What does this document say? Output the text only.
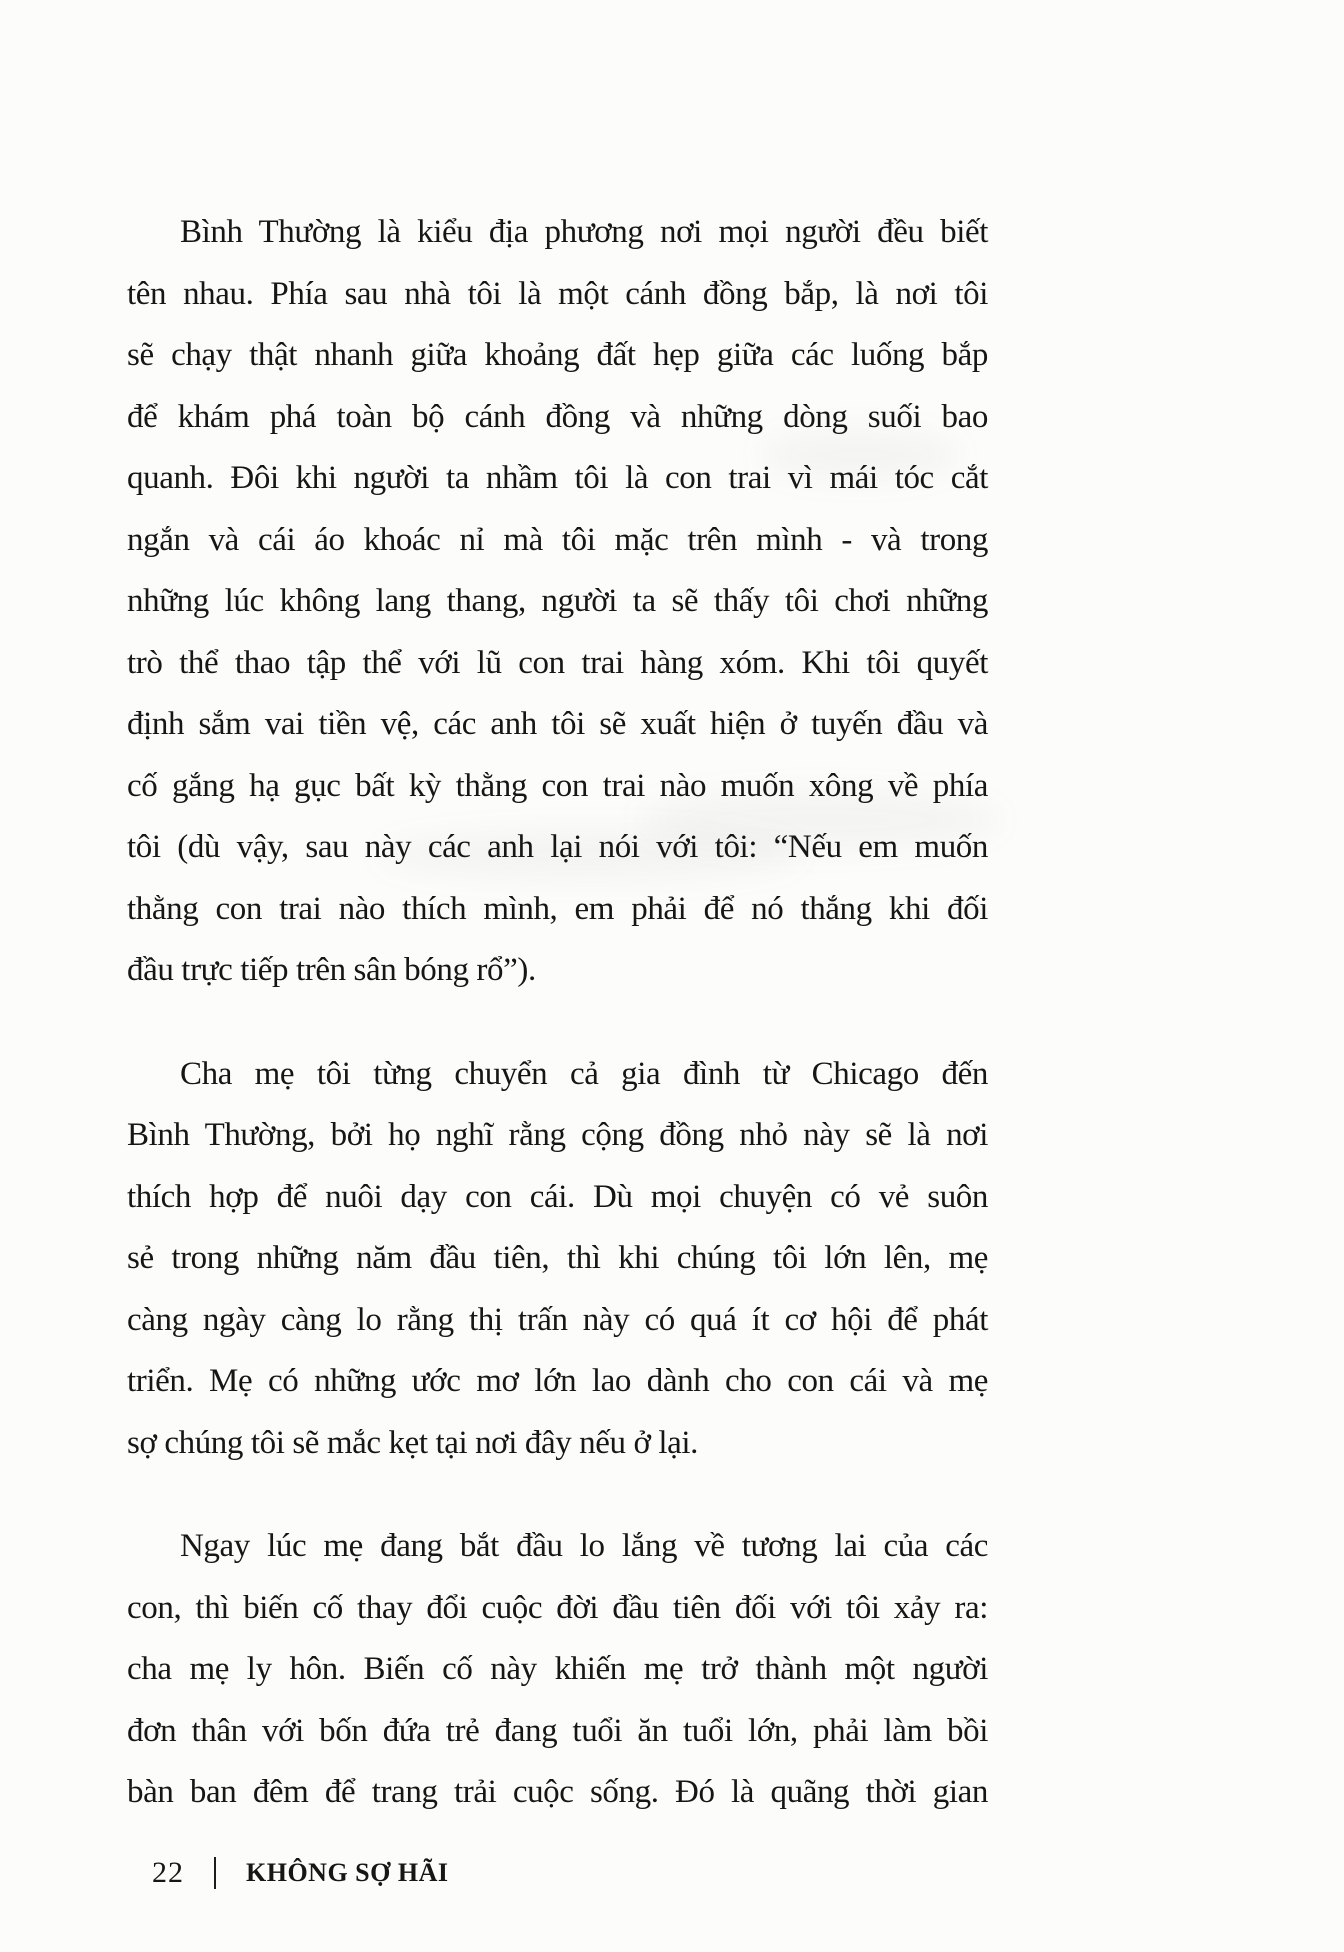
Bình Thường là kiểu địa phương nơi mọi người đều biết
tên nhau. Phía sau nhà tôi là một cánh đồng bắp, là nơi tôi
sẽ chạy thật nhanh giữa khoảng đất hẹp giữa các luống bắp
để khám phá toàn bộ cánh đồng và những dòng suối bao
quanh. Đôi khi người ta nhầm tôi là con trai vì mái tóc cắt
ngắn và cái áo khoác nỉ mà tôi mặc trên mình - và trong
những lúc không lang thang, người ta sẽ thấy tôi chơi những
trò thể thao tập thể với lũ con trai hàng xóm. Khi tôi quyết
định sắm vai tiền vệ, các anh tôi sẽ xuất hiện ở tuyến đầu và
cố gắng hạ gục bất kỳ thằng con trai nào muốn xông về phía
tôi (dù vậy, sau này các anh lại nói với tôi: “Nếu em muốn
thằng con trai nào thích mình, em phải để nó thắng khi đối
đầu trực tiếp trên sân bóng rổ”).
Cha mẹ tôi từng chuyển cả gia đình từ Chicago đến
Bình Thường, bởi họ nghĩ rằng cộng đồng nhỏ này sẽ là nơi
thích hợp để nuôi dạy con cái. Dù mọi chuyện có vẻ suôn
sẻ trong những năm đầu tiên, thì khi chúng tôi lớn lên, mẹ
càng ngày càng lo rằng thị trấn này có quá ít cơ hội để phát
triển. Mẹ có những ước mơ lớn lao dành cho con cái và mẹ
sợ chúng tôi sẽ mắc kẹt tại nơi đây nếu ở lại.
Ngay lúc mẹ đang bắt đầu lo lắng về tương lai của các
con, thì biến cố thay đổi cuộc đời đầu tiên đối với tôi xảy ra:
cha mẹ ly hôn. Biến cố này khiến mẹ trở thành một người
đơn thân với bốn đứa trẻ đang tuổi ăn tuổi lớn, phải làm bồi
bàn ban đêm để trang trải cuộc sống. Đó là quãng thời gian
22 KHÔNG SỢ HÃI
